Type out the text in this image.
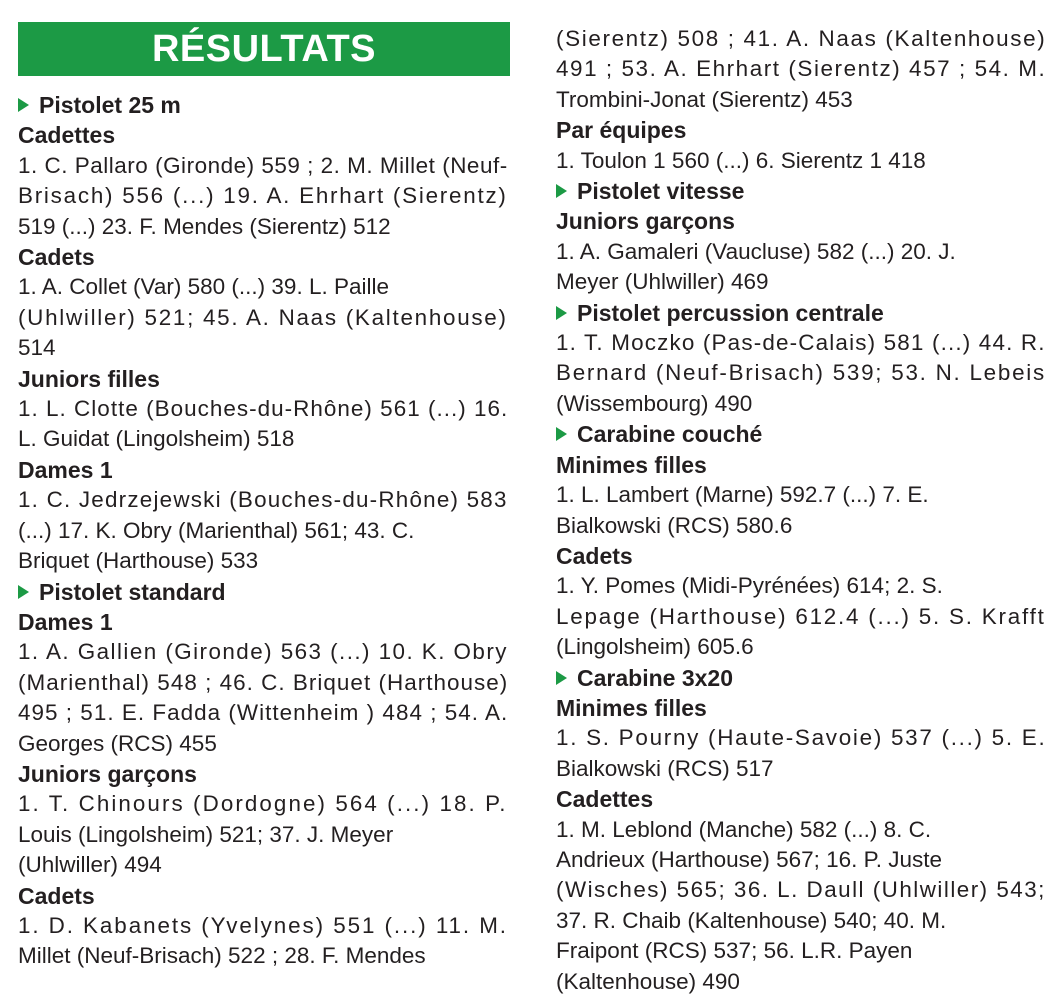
RÉSULTATS
Pistolet 25 m
Cadettes
1. C. Pallaro (Gironde) 559 ; 2. M. Millet (Neuf-
Brisach) 556 (...) 19. A. Ehrhart (Sierentz)
519 (...) 23. F. Mendes (Sierentz) 512
Cadets
1. A. Collet (Var) 580 (...) 39. L. Paille
(Uhlwiller) 521; 45. A. Naas (Kaltenhouse)
514
Juniors filles
1. L. Clotte (Bouches-du-Rhône) 561 (...) 16.
L. Guidat (Lingolsheim) 518
Dames 1
1. C. Jedrzejewski (Bouches-du-Rhône) 583
(...) 17. K. Obry (Marienthal) 561; 43. C.
Briquet (Harthouse) 533
Pistolet standard
Dames 1
1. A. Gallien (Gironde) 563 (...) 10. K. Obry
(Marienthal) 548 ; 46. C. Briquet (Harthouse)
495 ; 51. E. Fadda (Wittenheim ) 484 ; 54. A.
Georges (RCS) 455
Juniors garçons
1. T. Chinours (Dordogne) 564 (...) 18. P.
Louis (Lingolsheim) 521; 37. J. Meyer
(Uhlwiller) 494
Cadets
1. D. Kabanets (Yvelynes) 551 (...) 11. M.
Millet (Neuf-Brisach) 522 ; 28. F. Mendes
(Sierentz) 508 ; 41. A. Naas (Kaltenhouse)
491 ; 53. A. Ehrhart (Sierentz) 457 ; 54. M.
Trombini-Jonat (Sierentz) 453
Par équipes
1. Toulon 1 560 (...) 6. Sierentz 1 418
Pistolet vitesse
Juniors garçons
1. A. Gamaleri (Vaucluse) 582 (...) 20. J.
Meyer (Uhlwiller) 469
Pistolet percussion centrale
1. T. Moczko (Pas-de-Calais) 581 (...) 44. R.
Bernard (Neuf-Brisach) 539; 53. N. Lebeis
(Wissembourg) 490
Carabine couché
Minimes filles
1. L. Lambert (Marne) 592.7 (...) 7. E.
Bialkowski (RCS) 580.6
Cadets
1. Y. Pomes (Midi-Pyrénées) 614; 2. S.
Lepage (Harthouse) 612.4 (...) 5. S. Krafft
(Lingolsheim) 605.6
Carabine 3x20
Minimes filles
1. S. Pourny (Haute-Savoie) 537 (...) 5. E.
Bialkowski (RCS) 517
Cadettes
1. M. Leblond (Manche) 582 (...) 8. C.
Andrieux (Harthouse) 567; 16. P. Juste
(Wisches) 565; 36. L. Daull (Uhlwiller) 543;
37. R. Chaib (Kaltenhouse) 540; 40. M.
Fraipont (RCS) 537; 56. L.R. Payen
(Kaltenhouse) 490
